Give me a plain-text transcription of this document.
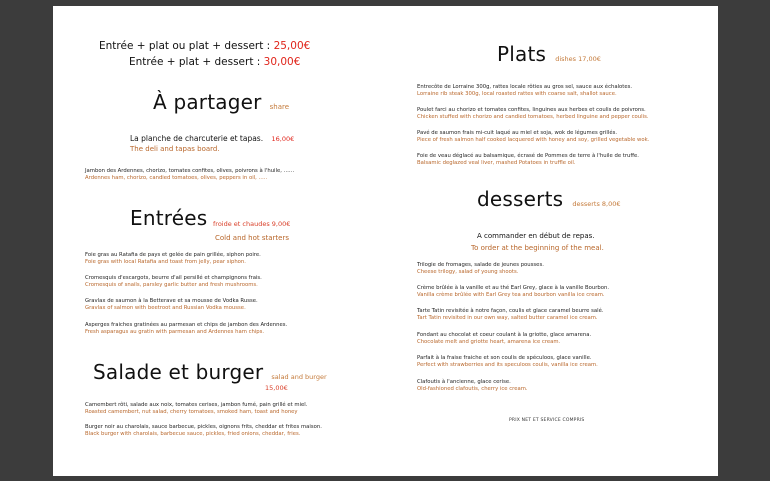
Entrée + plat ou plat + dessert : 25,00€
Entrée + plat + dessert : 30,00€
À partager share
La planche de charcuterie et tapas. 16,00€
The deli and tapas board.
Jambon des Ardennes, chorizo, tomates confites, olives, poivrons à l'huile, ……
Ardennes ham, chorizo, candied tomatoes, olives, peppers in oil, …..
Entrées froide et chaudes 9,00€
Cold and hot starters
Foie gras au Ratafia de pays et gelée de pain grillée, siphon poire.
Foie gras with local Ratafia and toast from jelly, pear siphon.
Cromesquis d'escargots, beurre d'ail persillé et champignons frais.
Cromesquis of snails, parsley garlic butter and fresh mushrooms.
Gravlax de saumon à la Betterave et sa mousse de Vodka Russe.
Gravlax of salmon with beetroot and Russian Vodka mousse.
Asperges fraiches gratinées au parmesan et chips de jambon des Ardennes.
Fresh asparagus au gratin with parmesan and Ardennes ham chips.
Salade et burger salad and burger
15,00€
Camembert rôti, salade aux noix, tomates cerises, jambon fumé, pain grillé et miel.
Roasted camembert, nut salad, cherry tomatoes, smoked ham, toast and honey
Burger noir au charolais, sauce barbecue, pickles, oignons frits, cheddar et frites maison.
Black burger with charolais, barbecue sauce, pickles, fried onions, cheddar, fries.
Plats dishes 17,00€
Entrecôte de Lorraine 300g, rattes locale rôties au gros sel, sauce aux échalotes.
Lorraine rib steak 300g, local roasted rattes with coarse salt, shallot sauce.
Poulet farci au chorizo et tomates confites, linguines aux herbes et coulis de poivrons.
Chicken stuffed with chorizo and candied tomatoes, herbed linguine and pepper coulis.
Pavé de saumon frais mi-cuit laqué au miel et soja, wok de légumes grillés.
Piece of fresh salmon half cooked lacquered with honey and soy, grilled vegetable wok.
Foie de veau déglacé au balsamique, écrasé de Pommes de terre à l'huile de truffe.
Balsamic deglazed veal liver, mashed Potatoes in truffle oil.
desserts desserts 8,00€
A commander en début de repas.
To order at the beginning of the meal.
Trilogie de fromages, salade de jeunes pousses.
Cheese trilogy, salad of young shoots.
Crème brûlée à la vanille et au thé Earl Grey, glace à la vanille Bourbon.
Vanilla crème brûlée with Earl Grey tea and bourbon vanilla ice cream.
Tarte Tatin revisitée à notre façon, coulis et glace caramel beurre salé.
Tart Tatin revisited in our own way, salted butter caramel ice cream.
Fondant au chocolat et coeur coulant à la griotte, glace amarena.
Chocolate melt and griotte heart, amarena ice cream.
Parfait à la fraise fraiche et son coulis de spéculoos, glace vanille.
Perfect with strawberries and its speculoos coulis, vanilla ice cream.
Clafoutis à l'ancienne, glace cerise.
Old-fashioned clafoutis, cherry ice cream.
PRIX NET ET SERVICE COMPRIS
